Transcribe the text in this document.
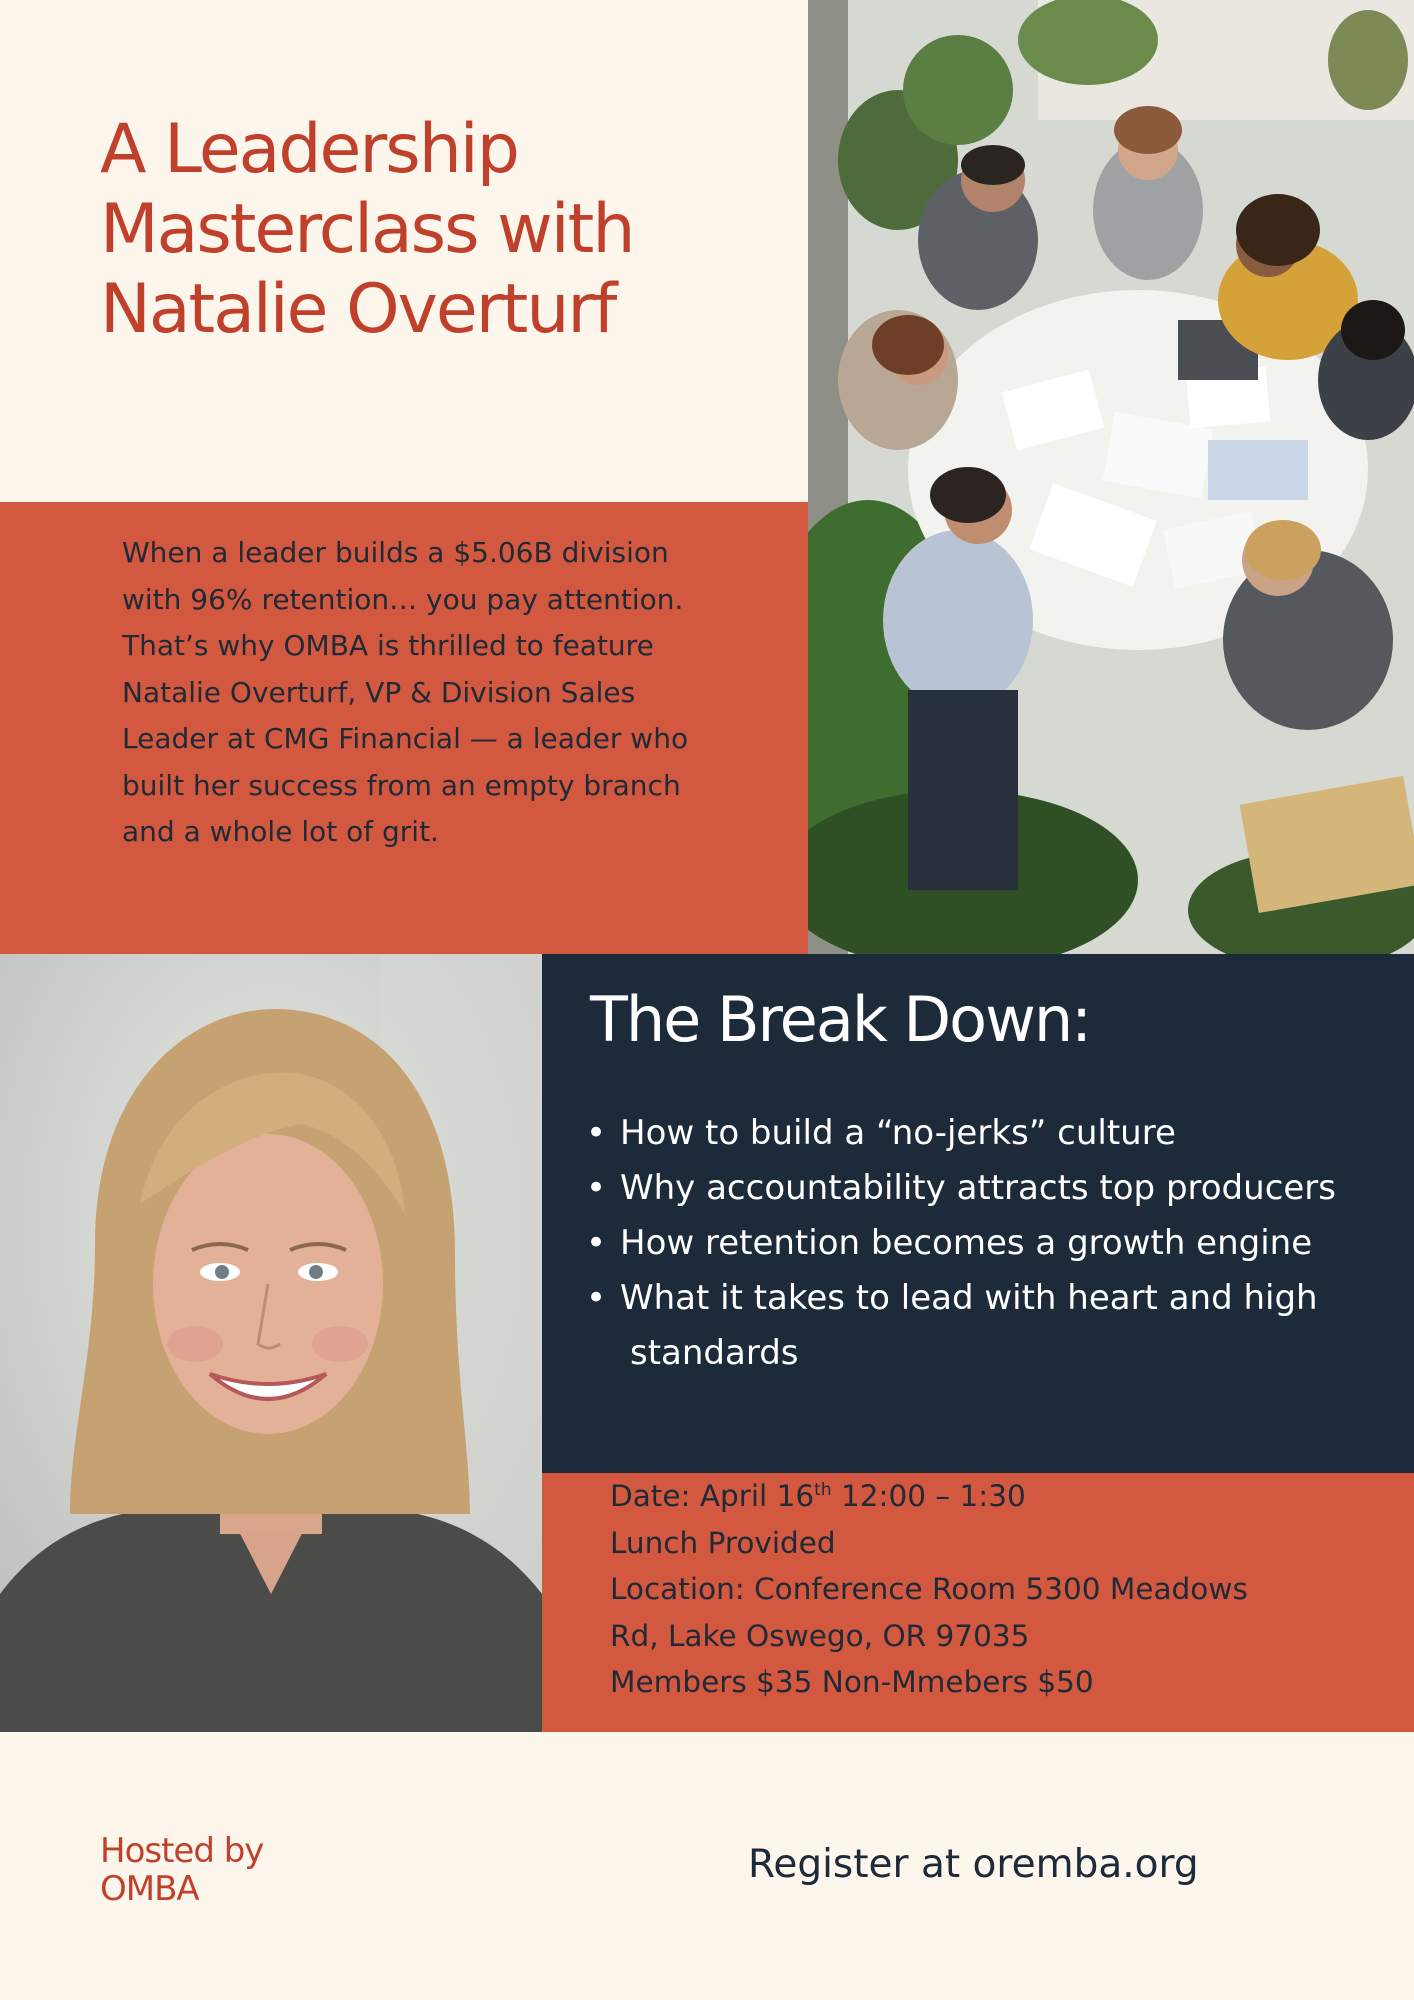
A Leadership Masterclass with Natalie Overturf

When a leader builds a $5.06B division with 96% retention… you pay attention.

That’s why OMBA is thrilled to feature Natalie Overturf, VP & Division Sales Leader at CMG Financial — a leader who built her success from an empty branch and a whole lot of grit.

The Break Down:
• How to build a “no-jerks” culture
• Why accountability attracts top producers
• How retention becomes a growth engine
• What it takes to lead with heart and high
standards
Date: April 16th 12:00 – 1:30
Lunch Provided
Location: Conference Room 5300 Meadows
Rd, Lake Oswego, OR 97035
Members $35 Non-Mmebers $50
Hosted by
OMBA
Register at oremba.org
